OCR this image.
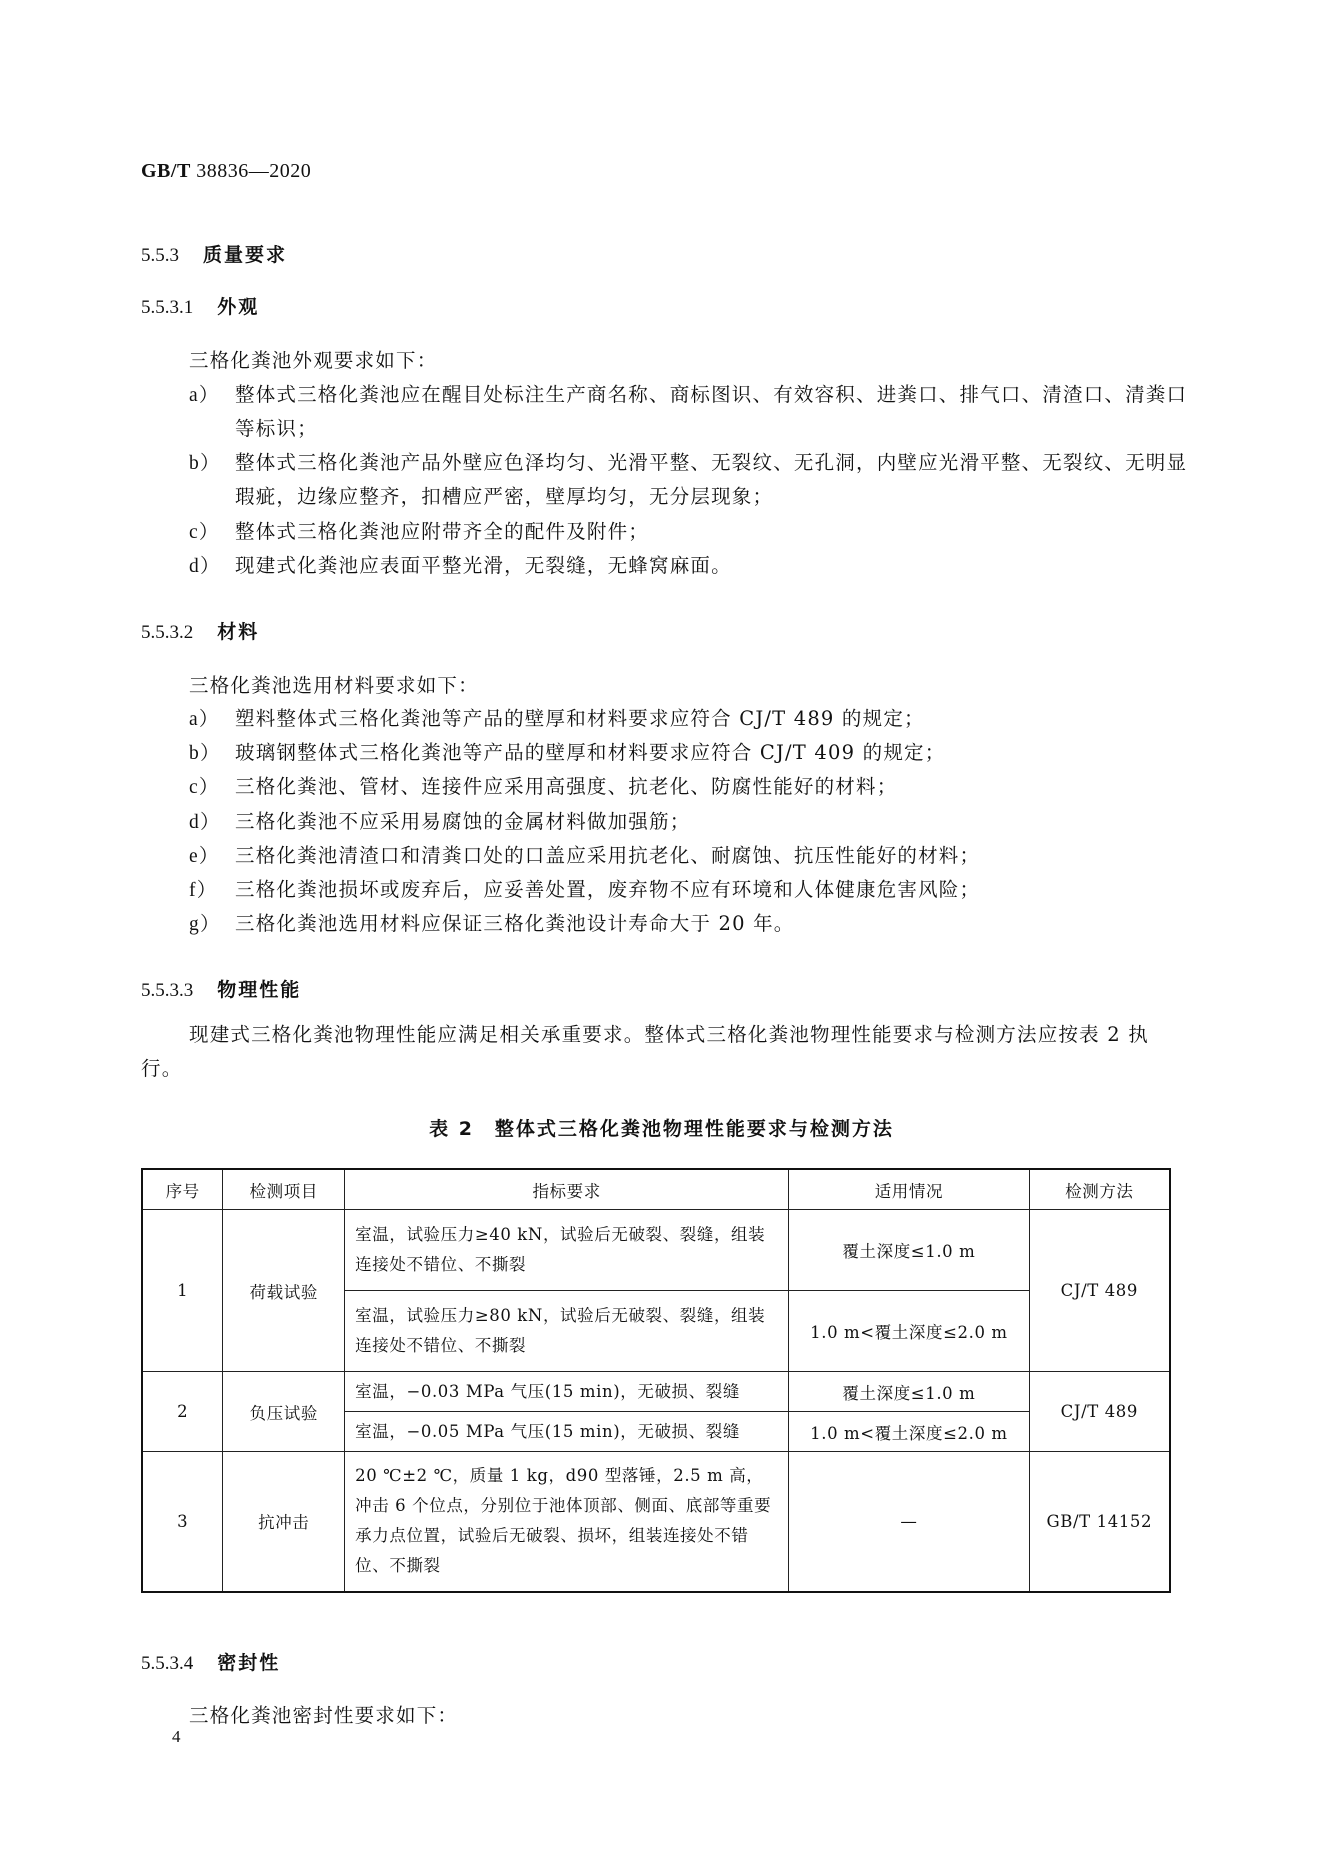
GB/T 38836—2020
5.5.3 质量要求
5.5.3.1 外观
三格化粪池外观要求如下：
a） 整体式三格化粪池应在醒目处标注生产商名称、商标图识、有效容积、进粪口、排气口、清渣口、清粪口等标识；
b） 整体式三格化粪池产品外壁应色泽均匀、光滑平整、无裂纹、无孔洞，内壁应光滑平整、无裂纹、无明显瑕疵，边缘应整齐，扣槽应严密，壁厚均匀，无分层现象；
c） 整体式三格化粪池应附带齐全的配件及附件；
d） 现建式化粪池应表面平整光滑，无裂缝，无蜂窝麻面。
5.5.3.2 材料
三格化粪池选用材料要求如下：
a） 塑料整体式三格化粪池等产品的壁厚和材料要求应符合 CJ/T 489 的规定；
b） 玻璃钢整体式三格化粪池等产品的壁厚和材料要求应符合 CJ/T 409 的规定；
c） 三格化粪池、管材、连接件应采用高强度、抗老化、防腐性能好的材料；
d） 三格化粪池不应采用易腐蚀的金属材料做加强筋；
e） 三格化粪池清渣口和清粪口处的口盖应采用抗老化、耐腐蚀、抗压性能好的材料；
f） 三格化粪池损坏或废弃后，应妥善处置，废弃物不应有环境和人体健康危害风险；
g） 三格化粪池选用材料应保证三格化粪池设计寿命大于 20 年。
5.5.3.3 物理性能
现建式三格化粪池物理性能应满足相关承重要求。整体式三格化粪池物理性能要求与检测方法应按表 2 执行。
表 2　整体式三格化粪池物理性能要求与检测方法
序号	检测项目	指标要求	适用情况	检测方法
1	荷载试验	室温，试验压力≥40 kN，试验后无破裂、裂缝，组装连接处不错位、不撕裂	覆土深度≤1.0 m	CJ/T 489
		室温，试验压力≥80 kN，试验后无破裂、裂缝，组装连接处不错位、不撕裂	1.0 m<覆土深度≤2.0 m	
2	负压试验	室温，−0.03 MPa 气压(15 min)，无破损、裂缝	覆土深度≤1.0 m	CJ/T 489
		室温，−0.05 MPa 气压(15 min)，无破损、裂缝	1.0 m<覆土深度≤2.0 m	
3	抗冲击	20 ℃±2 ℃，质量 1 kg，d90 型落锤，2.5 m 高，冲击 6 个位点，分别位于池体顶部、侧面、底部等重要承力点位置，试验后无破裂、损坏，组装连接处不错位、不撕裂	—	GB/T 14152
5.5.3.4 密封性
三格化粪池密封性要求如下：
4
